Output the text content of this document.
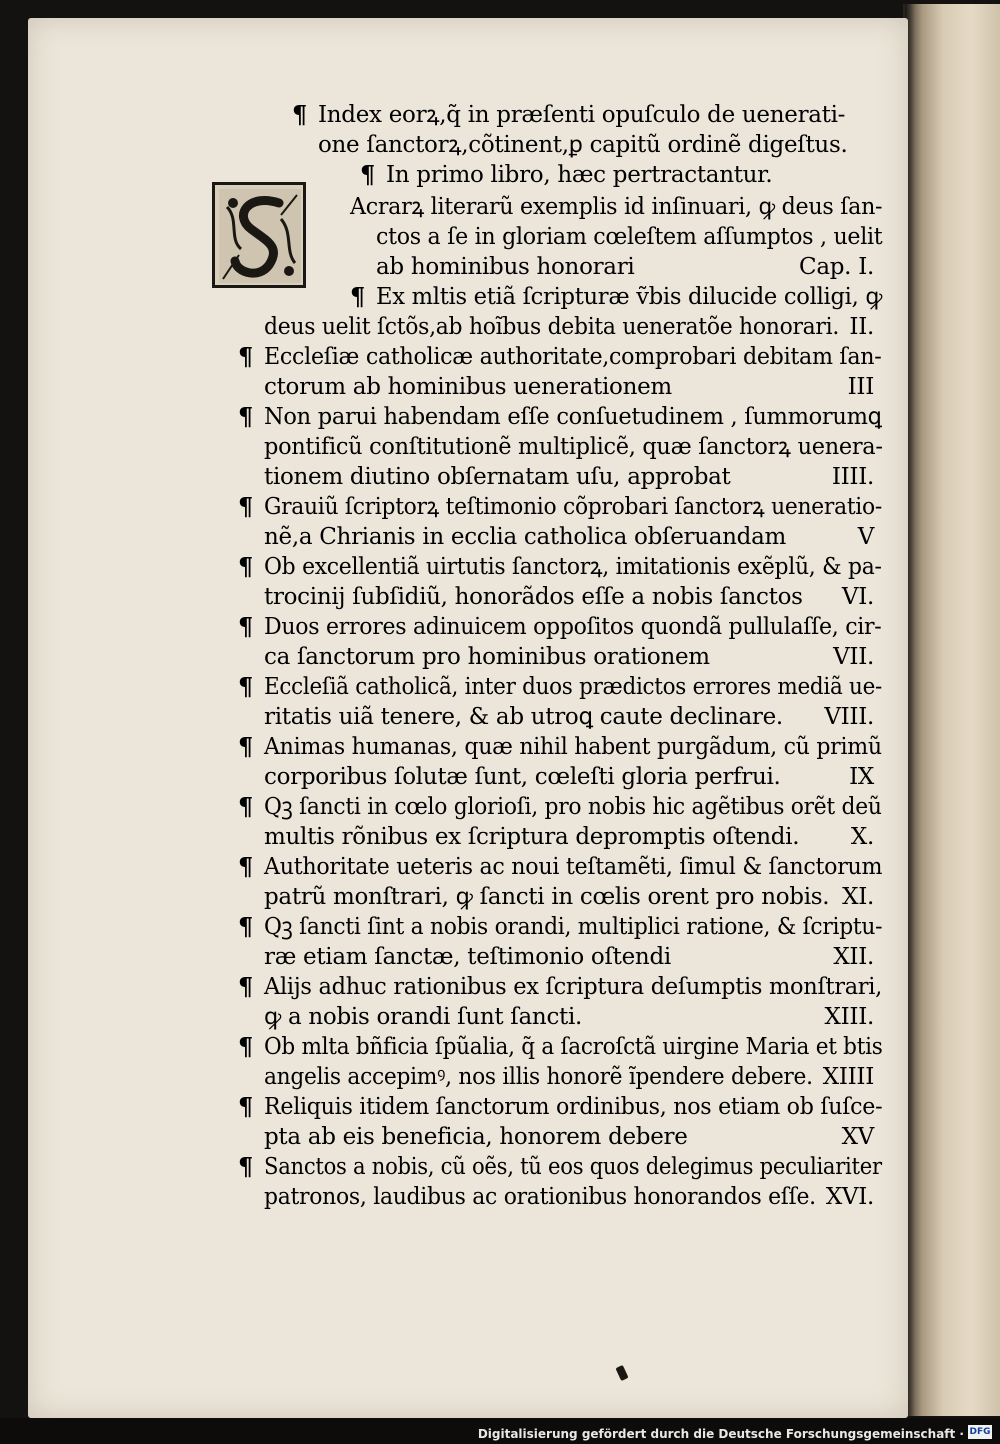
¶ Index eorꝝ,q̃ in præſenti opuſculo de uenerati-
one ſanctorꝝ,cõtinent,ꝑ capitũ ordinẽ digeſtus.
¶ In primo libro, hæc pertractantur.
Acrarꝝ literarũ exemplis id inſinuari, ꝙ deus ſan-
ctos a ſe in gloriam cœleſtem aſſumptos , uelit
ab hominibus honorari	Cap. I.
¶ Ex mltis etiã ſcripturæ ṽbis dilucide colligi, ꝙ
deus uelit ſctõs,ab hoĩbus debita ueneratõe honorari. II.
¶ Eccleſiæ catholicæ authoritate,comprobari debitam ſan-
ctorum ab hominibus uenerationem	III
¶ Non parui habendam eſſe conſuetudinem , ſummorumꝗ
pontificũ conſtitutionẽ multiplicẽ, quæ ſanctorꝝ uenera-
tionem diutino obſernatam uſu, approbat	IIII.
¶ Grauiũ ſcriptorꝝ teſtimonio cõprobari ſanctorꝝ ueneratio-
nẽ,a Chrianis in ecclia catholica obſeruandam	V
¶ Ob excellentiã uirtutis ſanctorꝝ, imitationis exẽplũ, & pa-
trocinij ſubſidiũ, honorãdos eſſe a nobis ſanctos VI.
¶ Duos errores adinuicem oppoſitos quondã pullulaſſe, cir-
ca ſanctorum pro hominibus orationem	VII.
¶ Eccleſiã catholicã, inter duos prædictos errores mediã ue-
ritatis uiã tenere, & ab utroꝗ caute declinare. VIII.
¶ Animas humanas, quæ nihil habent purgãdum, cũ primũ
corporibus ſolutæ ſunt, cœleſti gloria perfrui.	IX
¶ Qꝫ ſancti in cœlo glorioſi, pro nobis hic agẽtibus orẽt deũ
multis rõnibus ex ſcriptura depromptis oſtendi. X.
¶ Authoritate ueteris ac noui teſtamẽti, ſimul & ſanctorum
patrũ monſtrari, ꝙ ſancti in cœlis orent pro nobis. XI.
¶ Qꝫ ſancti ſint a nobis orandi, multiplici ratione, & ſcriptu-
ræ etiam ſanctæ, teſtimonio oſtendi	XII.
¶ Alijs adhuc rationibus ex ſcriptura deſumptis monſtrari,
ꝙ a nobis orandi ſunt ſancti.	XIII.
¶ Ob mlta bñficia ſpũalia, q̃ a ſacroſctã uirgine Maria et btis
angelis accepimꝰ, nos illis honorẽ ĩpendere debere. XIIII
¶ Reliquis itidem ſanctorum ordinibus, nos etiam ob ſuſce-
pta ab eis beneficia, honorem debere	XV
¶ Sanctos a nobis, cũ oẽs, tũ eos quos delegimus peculiariter
patronos, laudibus ac orationibus honorandos eſſe. XVI.
Digitalisierung gefördert durch die Deutsche Forschungsgemeinschaft · DFG
